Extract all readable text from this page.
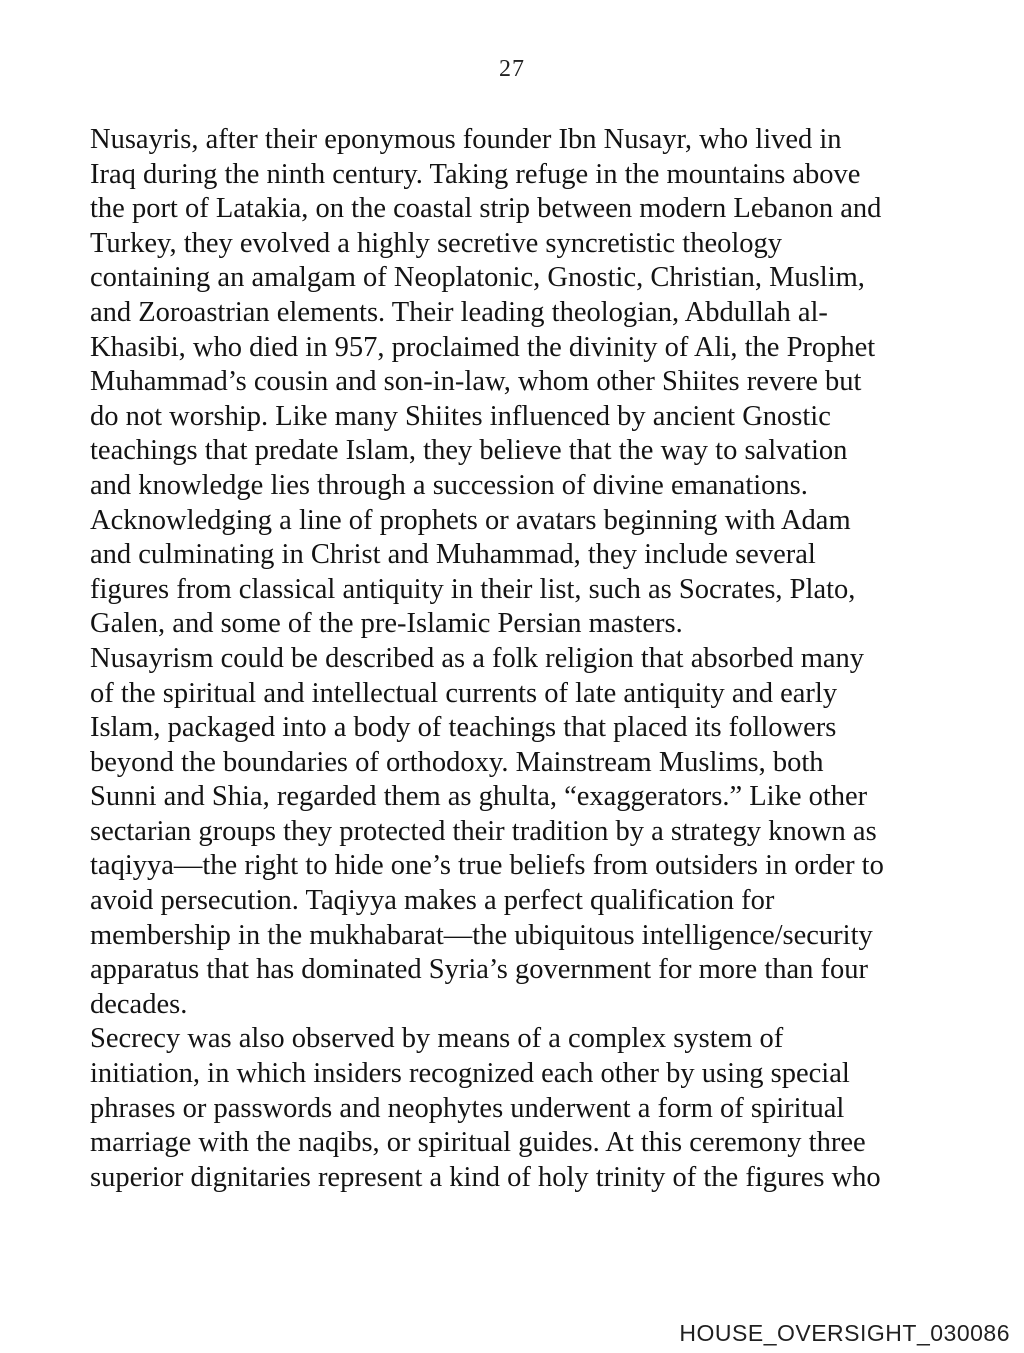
27
Nusayris, after their eponymous founder Ibn Nusayr, who lived in
Iraq during the ninth century. Taking refuge in the mountains above
the port of Latakia, on the coastal strip between modern Lebanon and
Turkey, they evolved a highly secretive syncretistic theology
containing an amalgam of Neoplatonic, Gnostic, Christian, Muslim,
and Zoroastrian elements. Their leading theologian, Abdullah al-
Khasibi, who died in 957, proclaimed the divinity of Ali, the Prophet
Muhammad’s cousin and son-in-law, whom other Shiites revere but
do not worship. Like many Shiites influenced by ancient Gnostic
teachings that predate Islam, they believe that the way to salvation
and knowledge lies through a succession of divine emanations.
Acknowledging a line of prophets or avatars beginning with Adam
and culminating in Christ and Muhammad, they include several
figures from classical antiquity in their list, such as Socrates, Plato,
Galen, and some of the pre-Islamic Persian masters.
Nusayrism could be described as a folk religion that absorbed many
of the spiritual and intellectual currents of late antiquity and early
Islam, packaged into a body of teachings that placed its followers
beyond the boundaries of orthodoxy. Mainstream Muslims, both
Sunni and Shia, regarded them as ghulta, “exaggerators.” Like other
sectarian groups they protected their tradition by a strategy known as
taqiyya—the right to hide one’s true beliefs from outsiders in order to
avoid persecution. Taqiyya makes a perfect qualification for
membership in the mukhabarat—the ubiquitous intelligence/security
apparatus that has dominated Syria’s government for more than four
decades.
Secrecy was also observed by means of a complex system of
initiation, in which insiders recognized each other by using special
phrases or passwords and neophytes underwent a form of spiritual
marriage with the naqibs, or spiritual guides. At this ceremony three
superior dignitaries represent a kind of holy trinity of the figures who
HOUSE_OVERSIGHT_030086
